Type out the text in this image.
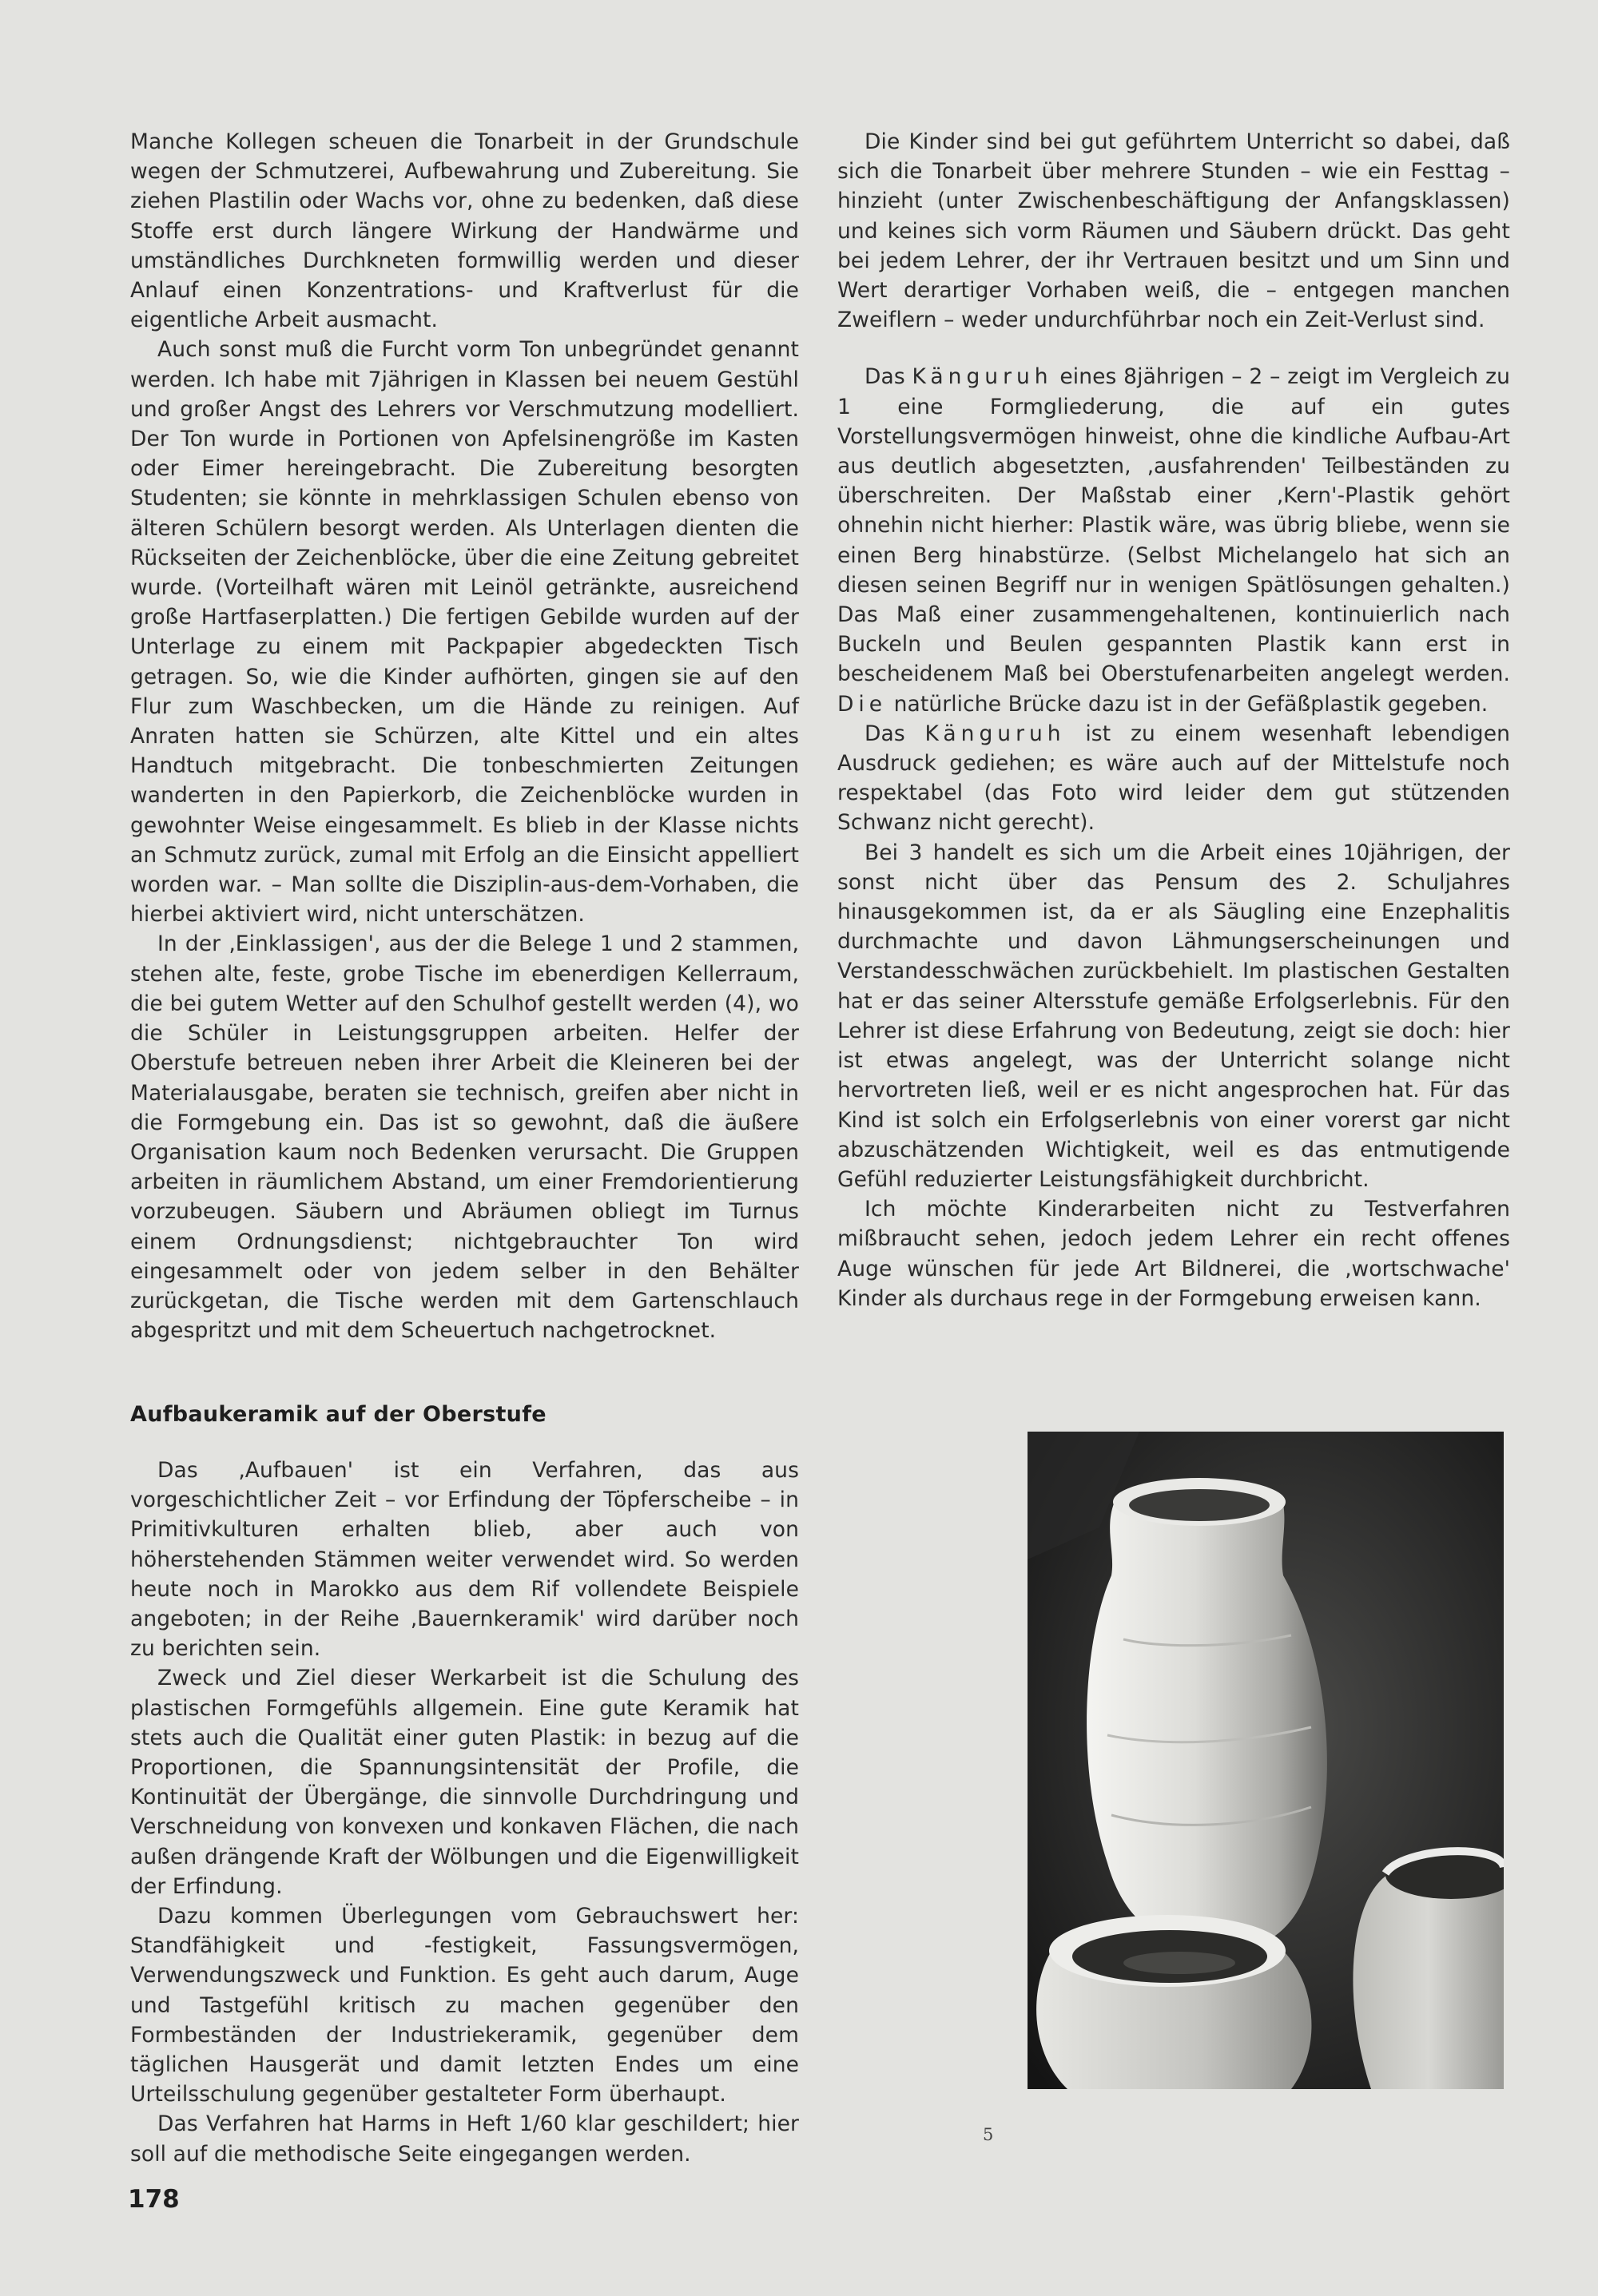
Manche Kollegen scheuen die Tonarbeit in der Grundschule wegen der Schmutzerei, Aufbewahrung und Zubereitung. Sie ziehen Plastilin oder Wachs vor, ohne zu bedenken, daß diese Stoffe erst durch längere Wirkung der Handwärme und umständliches Durchkneten formwillig werden und dieser Anlauf einen Konzentrations- und Kraftverlust für die eigentliche Arbeit ausmacht.

Auch sonst muß die Furcht vorm Ton unbegründet genannt werden. Ich habe mit 7jährigen in Klassen bei neuem Gestühl und großer Angst des Lehrers vor Verschmutzung modelliert. Der Ton wurde in Portionen von Apfelsinengröße im Kasten oder Eimer hereingebracht. Die Zubereitung besorgten Studenten; sie könnte in mehrklassigen Schulen ebenso von älteren Schülern besorgt werden. Als Unterlagen dienten die Rückseiten der Zeichenblöcke, über die eine Zeitung gebreitet wurde. (Vorteilhaft wären mit Leinöl getränkte, ausreichend große Hartfaserplatten.) Die fertigen Gebilde wurden auf der Unterlage zu einem mit Packpapier abgedeckten Tisch getragen. So, wie die Kinder aufhörten, gingen sie auf den Flur zum Waschbecken, um die Hände zu reinigen. Auf Anraten hatten sie Schürzen, alte Kittel und ein altes Handtuch mitgebracht. Die tonbeschmierten Zeitungen wanderten in den Papierkorb, die Zeichenblöcke wurden in gewohnter Weise eingesammelt. Es blieb in der Klasse nichts an Schmutz zurück, zumal mit Erfolg an die Einsicht appelliert worden war. – Man sollte die Disziplin-aus-dem-Vorhaben, die hierbei aktiviert wird, nicht unterschätzen.

In der ‚Einklassigen', aus der die Belege 1 und 2 stammen, stehen alte, feste, grobe Tische im ebenerdigen Kellerraum, die bei gutem Wetter auf den Schulhof gestellt werden (4), wo die Schüler in Leistungsgruppen arbeiten. Helfer der Oberstufe betreuen neben ihrer Arbeit die Kleineren bei der Materialausgabe, beraten sie technisch, greifen aber nicht in die Formgebung ein. Das ist so gewohnt, daß die äußere Organisation kaum noch Bedenken verursacht. Die Gruppen arbeiten in räumlichem Abstand, um einer Fremdorientierung vorzubeugen. Säubern und Abräumen obliegt im Turnus einem Ordnungsdienst; nichtgebrauchter Ton wird eingesammelt oder von jedem selber in den Behälter zurückgetan, die Tische werden mit dem Gartenschlauch abgespritzt und mit dem Scheuertuch nachgetrocknet.

Die Kinder sind bei gut geführtem Unterricht so dabei, daß sich die Tonarbeit über mehrere Stunden – wie ein Festtag – hinzieht (unter Zwischenbeschäftigung der Anfangsklassen) und keines sich vorm Räumen und Säubern drückt. Das geht bei jedem Lehrer, der ihr Vertrauen besitzt und um Sinn und Wert derartiger Vorhaben weiß, die – entgegen manchen Zweiflern – weder undurchführbar noch ein Zeit-Verlust sind.

Das Känguruh eines 8jährigen – 2 – zeigt im Vergleich zu 1 eine Formgliederung, die auf ein gutes Vorstellungsvermögen hinweist, ohne die kindliche Aufbau-Art aus deutlich abgesetzten, ‚ausfahrenden' Teilbeständen zu überschreiten. Der Maßstab einer ‚Kern'-Plastik gehört ohnehin nicht hierher: Plastik wäre, was übrig bliebe, wenn sie einen Berg hinabstürze. (Selbst Michelangelo hat sich an diesen seinen Begriff nur in wenigen Spätlösungen gehalten.) Das Maß einer zusammengehaltenen, kontinuierlich nach Buckeln und Beulen gespannten Plastik kann erst in bescheidenem Maß bei Oberstufenarbeiten angelegt werden. Die natürliche Brücke dazu ist in der Gefäßplastik gegeben.

Das Känguruh ist zu einem wesenhaft lebendigen Ausdruck gediehen; es wäre auch auf der Mittelstufe noch respektabel (das Foto wird leider dem gut stützenden Schwanz nicht gerecht).

Bei 3 handelt es sich um die Arbeit eines 10jährigen, der sonst nicht über das Pensum des 2. Schuljahres hinausgekommen ist, da er als Säugling eine Enzephalitis durchmachte und davon Lähmungserscheinungen und Verstandesschwächen zurückbehielt. Im plastischen Gestalten hat er das seiner Altersstufe gemäße Erfolgserlebnis. Für den Lehrer ist diese Erfahrung von Bedeutung, zeigt sie doch: hier ist etwas angelegt, was der Unterricht solange nicht hervortreten ließ, weil er es nicht angesprochen hat. Für das Kind ist solch ein Erfolgserlebnis von einer vorerst gar nicht abzuschätzenden Wichtigkeit, weil es das entmutigende Gefühl reduzierter Leistungsfähigkeit durchbricht.

Ich möchte Kinderarbeiten nicht zu Testverfahren mißbraucht sehen, jedoch jedem Lehrer ein recht offenes Auge wünschen für jede Art Bildnerei, die ‚wortschwache' Kinder als durchaus rege in der Formgebung erweisen kann.

Aufbaukeramik auf der Oberstufe

Das ‚Aufbauen' ist ein Verfahren, das aus vorgeschichtlicher Zeit – vor Erfindung der Töpferscheibe – in Primitivkulturen erhalten blieb, aber auch von höherstehenden Stämmen weiter verwendet wird. So werden heute noch in Marokko aus dem Rif vollendete Beispiele angeboten; in der Reihe ‚Bauernkeramik' wird darüber noch zu berichten sein.

Zweck und Ziel dieser Werkarbeit ist die Schulung des plastischen Formgefühls allgemein. Eine gute Keramik hat stets auch die Qualität einer guten Plastik: in bezug auf die Proportionen, die Spannungsintensität der Profile, die Kontinuität der Übergänge, die sinnvolle Durchdringung und Verschneidung von konvexen und konkaven Flächen, die nach außen drängende Kraft der Wölbungen und die Eigenwilligkeit der Erfindung.

Dazu kommen Überlegungen vom Gebrauchswert her: Standfähigkeit und -festigkeit, Fassungsvermögen, Verwendungszweck und Funktion. Es geht auch darum, Auge und Tastgefühl kritisch zu machen gegenüber den Formbeständen der Industriekeramik, gegenüber dem täglichen Hausgerät und damit letzten Endes um eine Urteilsschulung gegenüber gestalteter Form überhaupt.

Das Verfahren hat Harms in Heft 1/60 klar geschildert; hier soll auf die methodische Seite eingegangen werden.

5
178
